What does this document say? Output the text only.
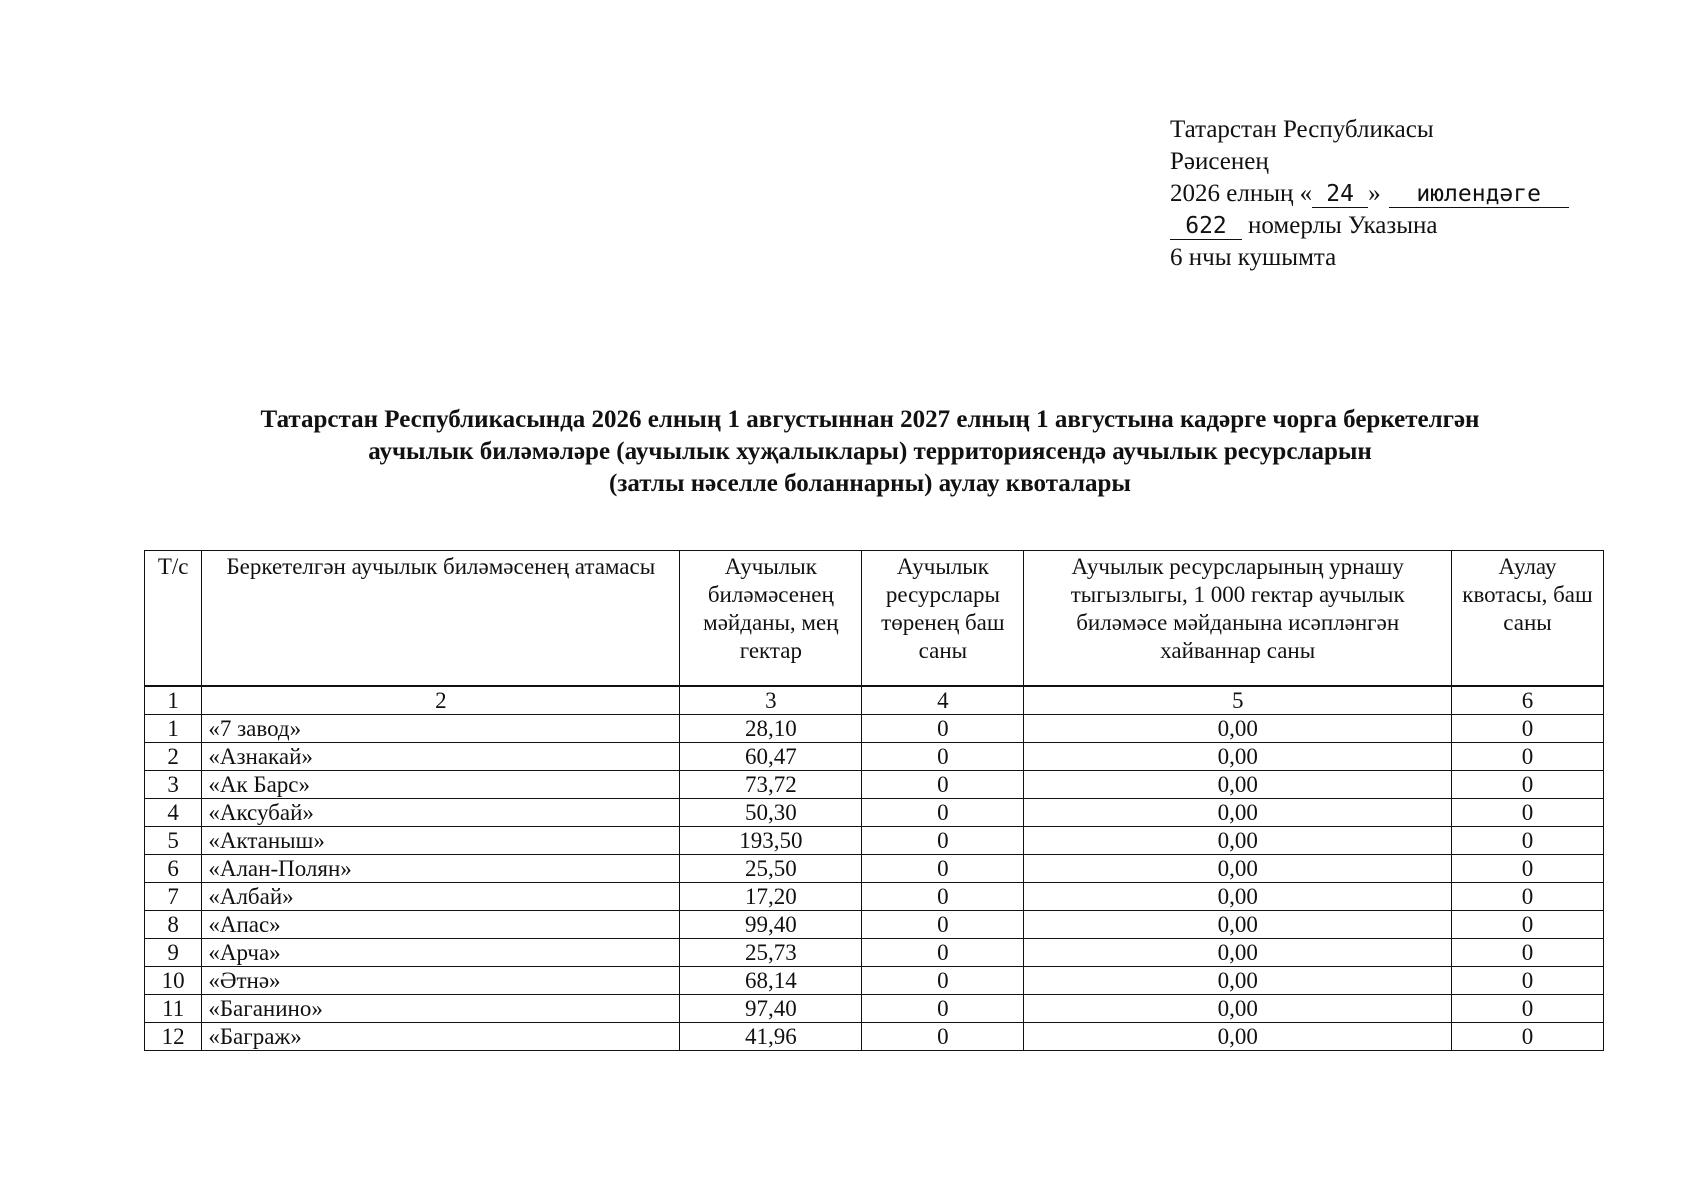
Татарстан Республикасы
Рәисенең
2026 елның « 24 » июлендәге
622 номерлы Указына
6 нчы кушымта
Татарстан Республикасында 2026 елның 1 августыннан 2027 елның 1 августына кадәрге чорга беркетелгән
аучылык биләмәләре (аучылык хуҗалыклары) территориясендә аучылык ресурсларын
(затлы нәселле боланнарны) аулау квоталары
Т/с	Беркетелгән аучылык биләмәсенең атамасы	Аучылык биләмәсенең мәйданы, мең гектар	Аучылык ресурслары төренең баш саны	Аучылык ресурсларының урнашу тыгызлыгы, 1 000 гектар аучылык биләмәсе мәйданына исәпләнгән хайваннар саны	Аулау квотасы, баш саны
1	2	3	4	5	6
1	«7 завод»	28,10	0	0,00	0
2	«Азнакай»	60,47	0	0,00	0
3	«Ак Барс»	73,72	0	0,00	0
4	«Аксубай»	50,30	0	0,00	0
5	«Актаныш»	193,50	0	0,00	0
6	«Алан-Полян»	25,50	0	0,00	0
7	«Албай»	17,20	0	0,00	0
8	«Апас»	99,40	0	0,00	0
9	«Арча»	25,73	0	0,00	0
10	«Әтнә»	68,14	0	0,00	0
11	«Баганино»	97,40	0	0,00	0
12	«Баграж»	41,96	0	0,00	0
